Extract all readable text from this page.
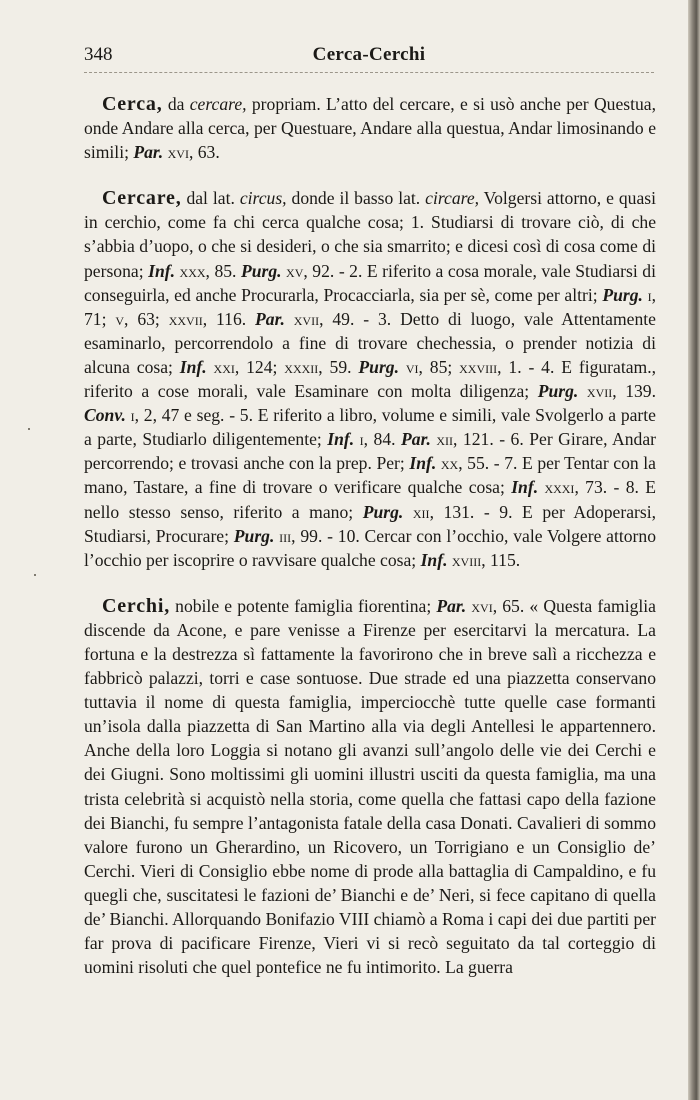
348	Cerca-Cerchi

Cerca, da cercare, propriam. L’atto del cercare, e si usò anche per Questua, onde Andare alla cerca, per Questuare, Andare alla questua, Andar limosinando e simili; Par. xvi, 63.

Cercare, dal lat. circus, donde il basso lat. circare, Volgersi attorno, e quasi in cerchio, come fa chi cerca qualche cosa; 1. Studiarsi di trovare ciò, di che s’abbia d’uopo, o che si desideri, o che sia smarrito; e dicesi così di cosa come di persona; Inf. xxx, 85. Purg. xv, 92. - 2. E riferito a cosa morale, vale Studiarsi di conseguirla, ed anche Procurarla, Procacciarla, sia per sè, come per altri; Purg. i, 71; v, 63; xxvii, 116. Par. xvii, 49. - 3. Detto di luogo, vale Attentamente esaminarlo, percorrendolo a fine di trovare chechessia, o prender notizia di alcuna cosa; Inf. xxi, 124; xxxii, 59. Purg. vi, 85; xxviii, 1. - 4. E figuratam., riferito a cose morali, vale Esaminare con molta diligenza; Purg. xvii, 139. Conv. i, 2, 47 e seg. - 5. E riferito a libro, volume e simili, vale Svolgerlo a parte a parte, Studiarlo diligentemente; Inf. i, 84. Par. xii, 121. - 6. Per Girare, Andar percorrendo; e trovasi anche con la prep. Per; Inf. xx, 55. - 7. E per Tentar con la mano, Tastare, a fine di trovare o verificare qualche cosa; Inf. xxxi, 73. - 8. E nello stesso senso, riferito a mano; Purg. xii, 131. - 9. E per Adoperarsi, Studiarsi, Procurare; Purg. iii, 99. - 10. Cercar con l’occhio, vale Volgere attorno l’occhio per iscoprire o ravvisare qualche cosa; Inf. xviii, 115.

Cerchi, nobile e potente famiglia fiorentina; Par. xvi, 65. « Questa famiglia discende da Acone, e pare venisse a Firenze per esercitarvi la mercatura. La fortuna e la destrezza sì fattamente la favorirono che in breve salì a ricchezza e fabbricò palazzi, torri e case sontuose. Due strade ed una piazzetta conservano tuttavia il nome di questa famiglia, imperciocchè tutte quelle case formanti un’isola dalla piazzetta di San Martino alla via degli Antellesi le appartennero. Anche della loro Loggia si notano gli avanzi sull’angolo delle vie dei Cerchi e dei Giugni. Sono moltissimi gli uomini illustri usciti da questa famiglia, ma una trista celebrità si acquistò nella storia, come quella che fattasi capo della fazione dei Bianchi, fu sempre l’antagonista fatale della casa Donati. Cavalieri di sommo valore furono un Gherardino, un Ricovero, un Torrigiano e un Consiglio de’ Cerchi. Vieri di Consiglio ebbe nome di prode alla battaglia di Campaldino, e fu quegli che, suscitatesi le fazioni de’ Bianchi e de’ Neri, si fece capitano di quella de’ Bianchi. Allorquando Bonifazio VIII chiamò a Roma i capi dei due partiti per far prova di pacificare Firenze, Vieri vi si recò seguitato da tal corteggio di uomini risoluti che quel pontefice ne fu intimorito. La guerra
